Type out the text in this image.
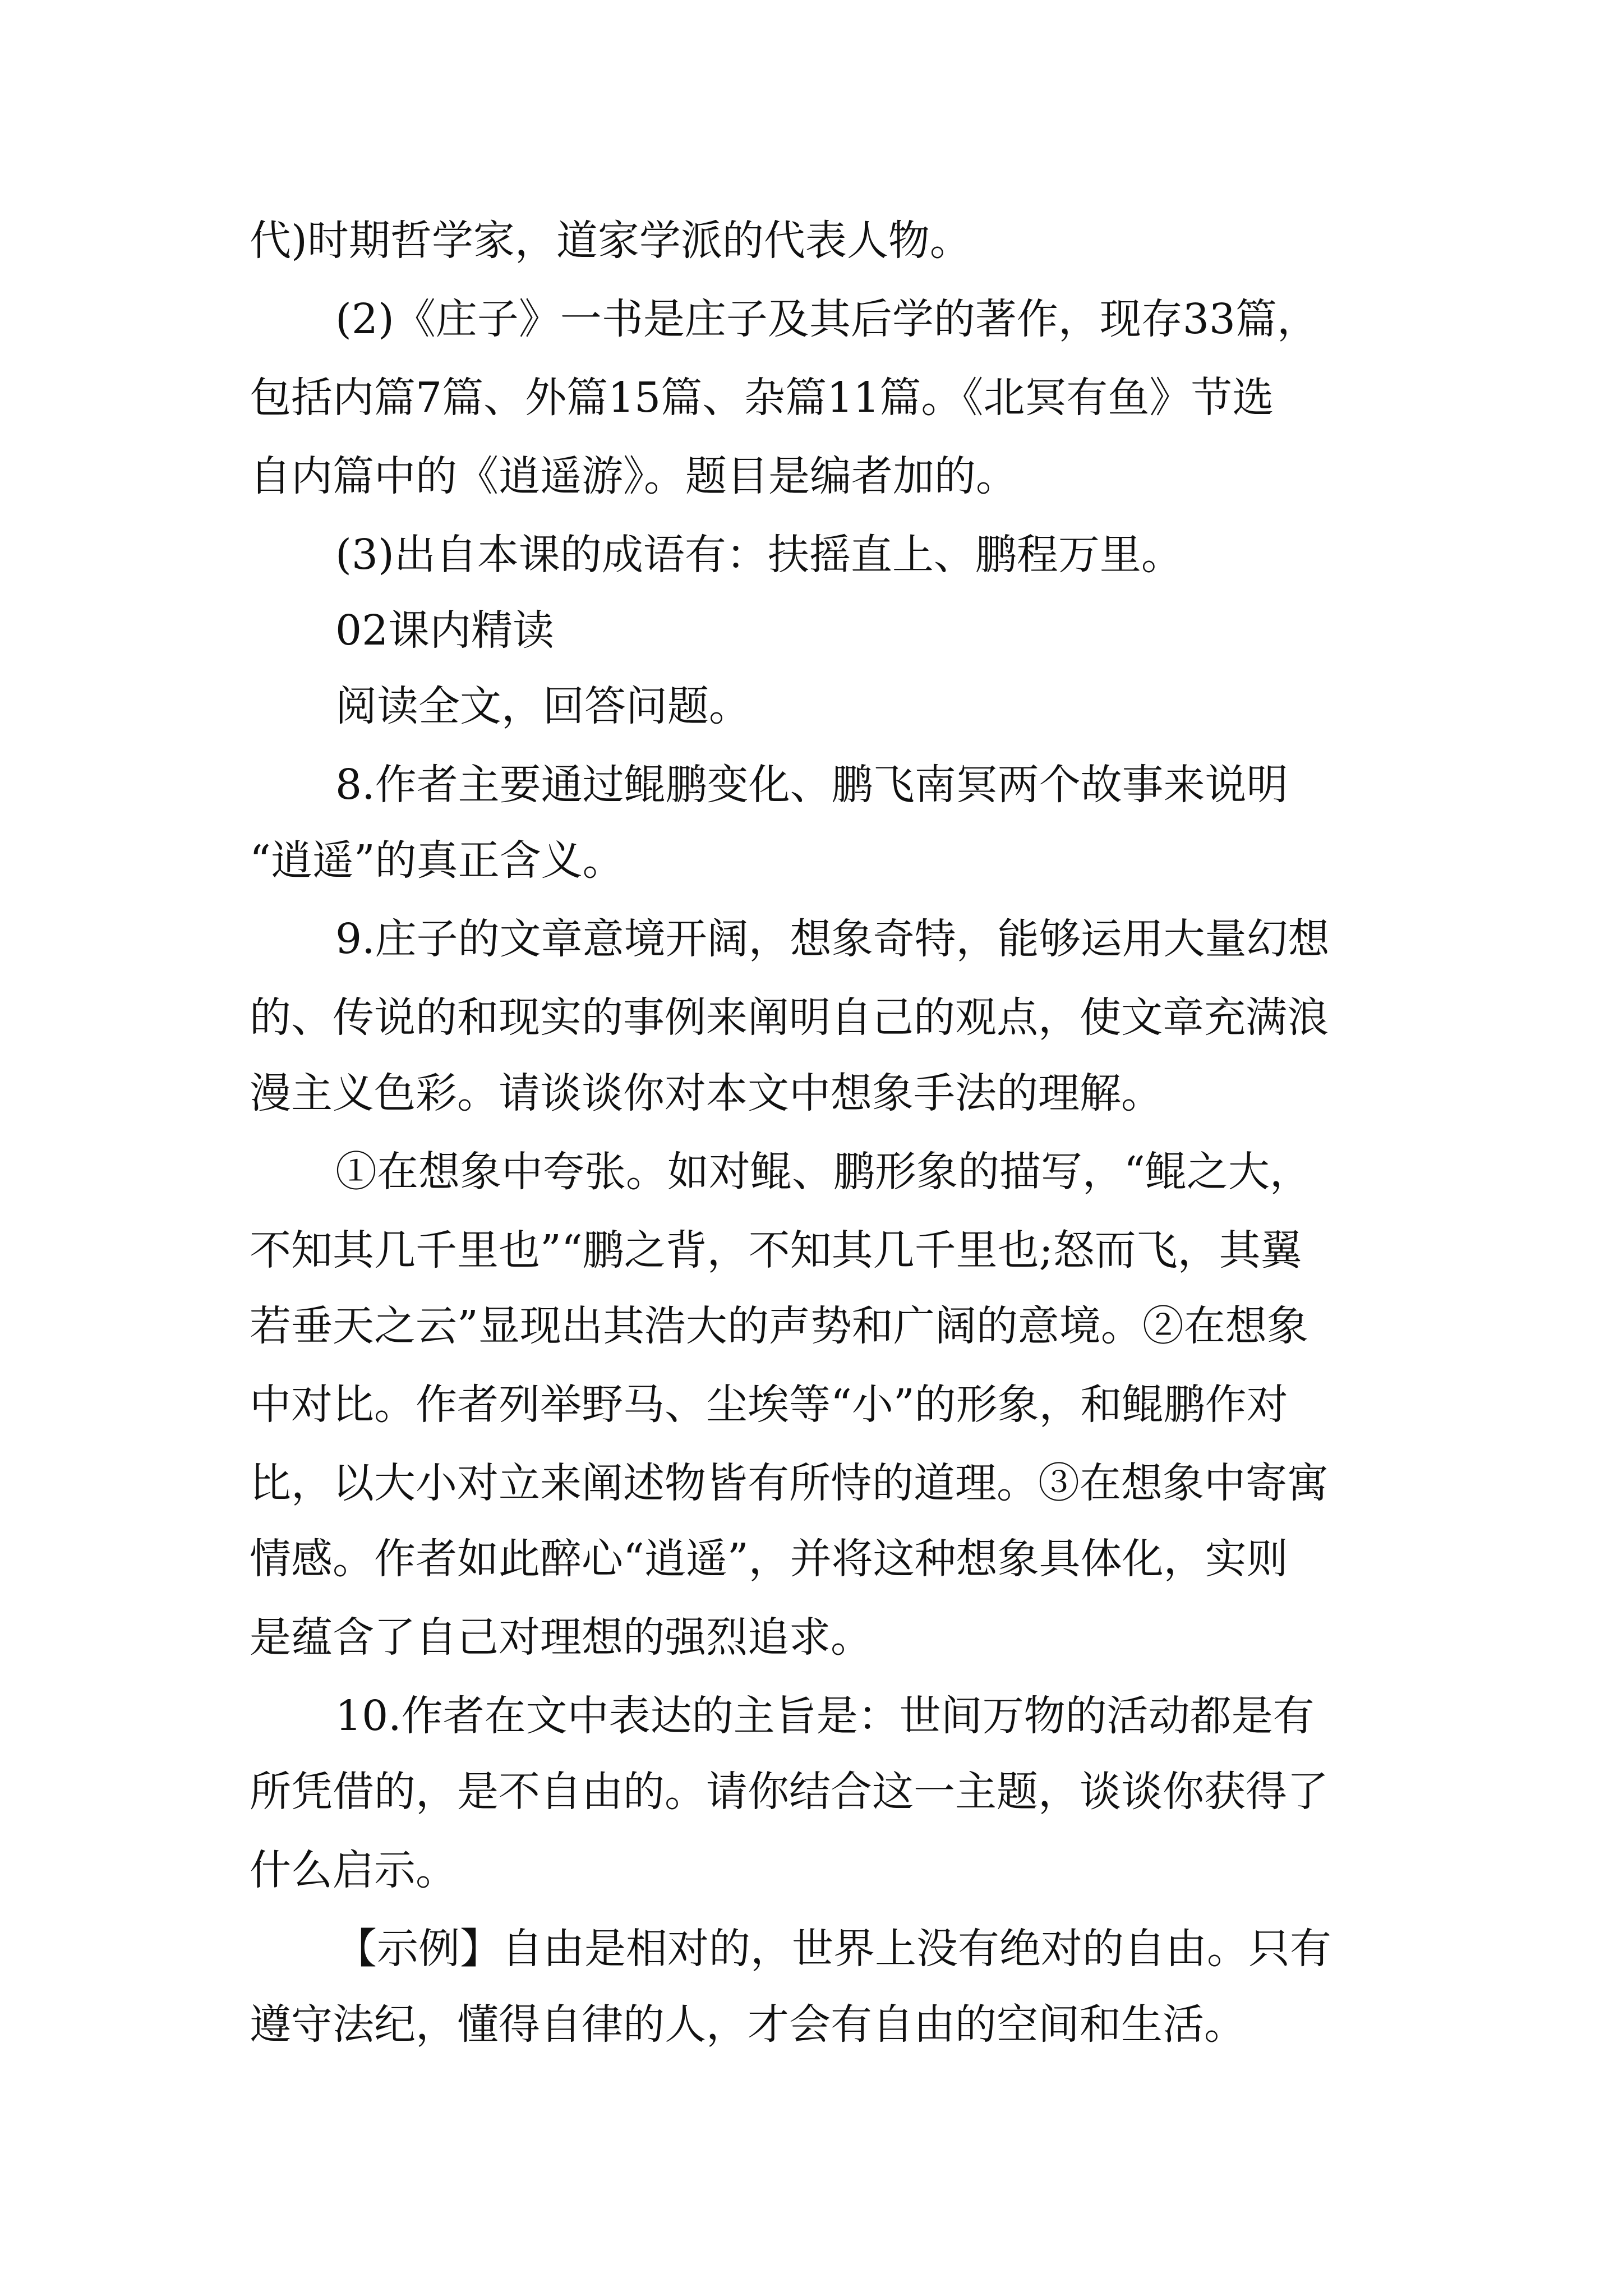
代)时期哲学家，道家学派的代表人物。
(2)《庄子》一书是庄子及其后学的著作，现存33篇，
包括内篇7篇、外篇15篇、杂篇11篇。《北冥有鱼》节选
自内篇中的《逍遥游》。题目是编者加的。
(3)出自本课的成语有：扶摇直上、鹏程万里。
02课内精读
阅读全文，回答问题。
8.作者主要通过鲲鹏变化、鹏飞南冥两个故事来说明
“逍遥”的真正含义。
9.庄子的文章意境开阔，想象奇特，能够运用大量幻想
的、传说的和现实的事例来阐明自己的观点，使文章充满浪
漫主义色彩。请谈谈你对本文中想象手法的理解。
①在想象中夸张。如对鲲、鹏形象的描写，“鲲之大，
不知其几千里也”“鹏之背，不知其几千里也;怒而飞，其翼
若垂天之云”显现出其浩大的声势和广阔的意境。②在想象
中对比。作者列举野马、尘埃等“小”的形象，和鲲鹏作对
比，以大小对立来阐述物皆有所恃的道理。③在想象中寄寓
情感。作者如此醉心“逍遥”，并将这种想象具体化，实则
是蕴含了自己对理想的强烈追求。
10.作者在文中表达的主旨是：世间万物的活动都是有
所凭借的，是不自由的。请你结合这一主题，谈谈你获得了
什么启示。
【示例】自由是相对的，世界上没有绝对的自由。只有
遵守法纪，懂得自律的人，才会有自由的空间和生活。
